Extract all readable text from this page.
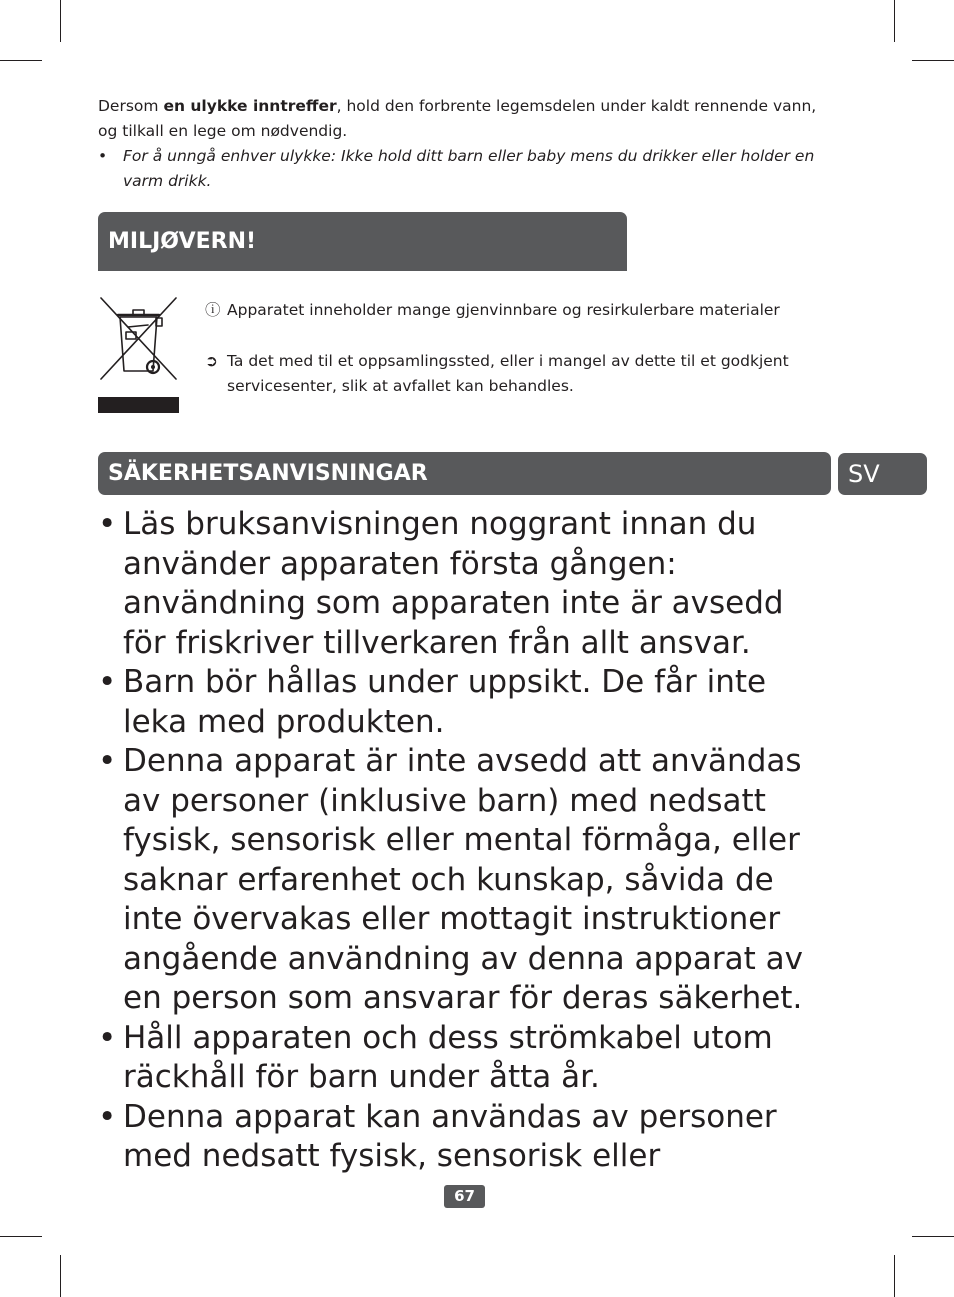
Dersom en ulykke inntreffer, hold den forbrente legemsdelen under kaldt rennende vann, og tilkall en lege om nødvendig.

• For å unngå enhver ulykke: Ikke hold ditt barn eller baby mens du drikker eller holder en varm drikk.

MILJØVERN!
ⓘ Apparatet inneholder mange gjenvinnbare og resirkulerbare materialer
➲ Ta det med til et oppsamlingssted, eller i mangel av dette til et godkjent servicesenter, slik at avfallet kan behandles.
SÄKERHETSANVISNINGAR	SV
• Läs bruksanvisningen noggrant innan du använder apparaten första gången: användning som apparaten inte är avsedd för friskriver tillverkaren från allt ansvar.
• Barn bör hållas under uppsikt. De får inte leka med produkten.
• Denna apparat är inte avsedd att användas av personer (inklusive barn) med nedsatt fysisk, sensorisk eller mental förmåga, eller saknar erfarenhet och kunskap, såvida de inte övervakas eller mottagit instruktioner angående användning av denna apparat av en person som ansvarar för deras säkerhet.
• Håll apparaten och dess strömkabel utom räckhåll för barn under åtta år.
• Denna apparat kan användas av personer med nedsatt fysisk, sensorisk eller
67
